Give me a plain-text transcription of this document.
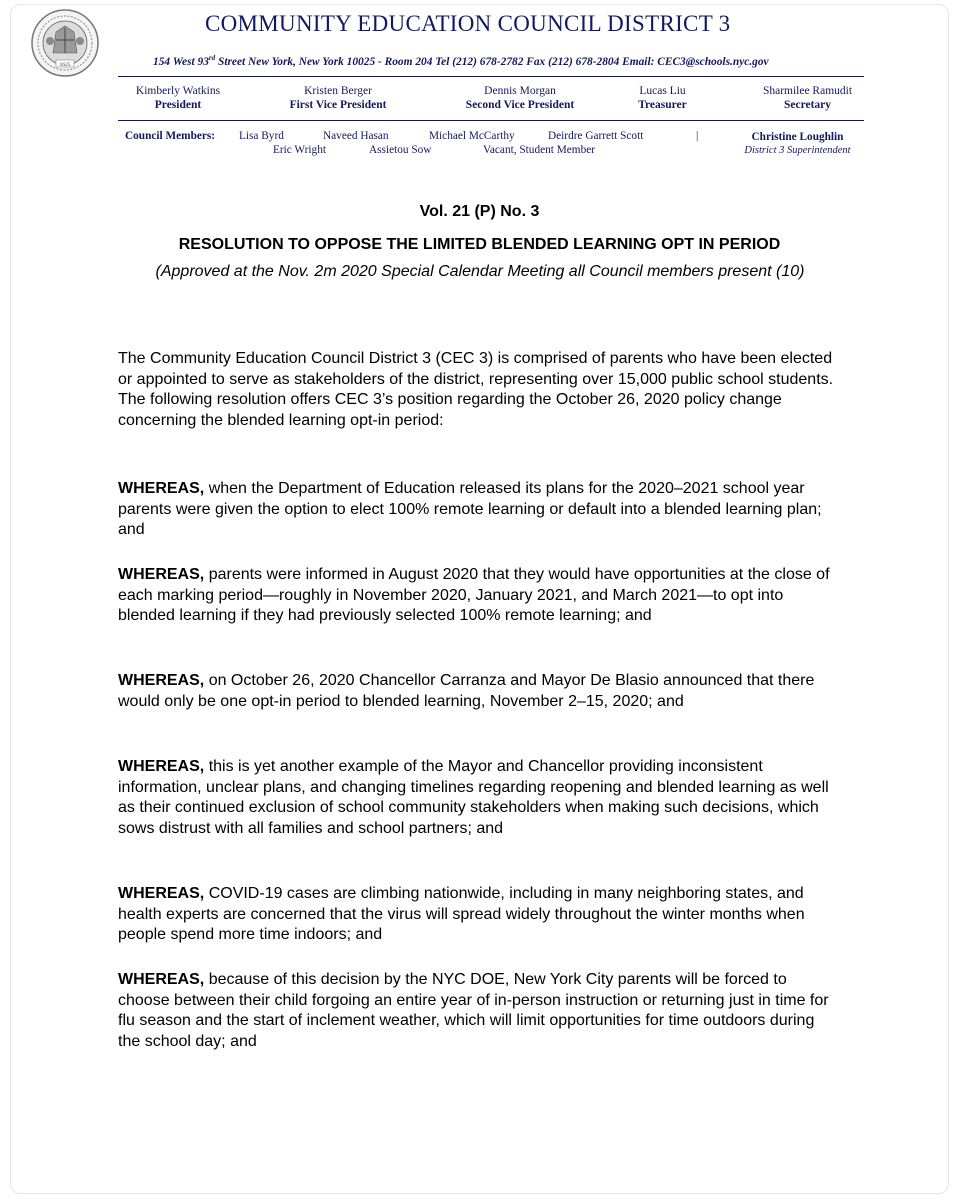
1625
COMMUNITY EDUCATION COUNCIL DISTRICT 3
154 West 93rd Street New York, New York 10025 - Room 204 Tel (212) 678-2782 Fax (212) 678-2804 Email: CEC3@schools.nyc.gov
Kimberly Watkins
President
Kristen Berger
First Vice President
Dennis Morgan
Second Vice President
Lucas Liu
Treasurer
Sharmilee Ramudit
Secretary
Council Members: Lisa Byrd	Naveed Hasan	Michael McCarthy	Deirdre Garrett Scott	|
Eric Wright	Assietou Sow	Vacant, Student Member
Christine Loughlin
District 3 Superintendent
Vol. 21 (P) No. 3
RESOLUTION TO OPPOSE THE LIMITED BLENDED LEARNING OPT IN PERIOD
(Approved at the Nov. 2m 2020 Special Calendar Meeting all Council members present (10)
The Community Education Council District 3 (CEC 3) is comprised of parents who have been elected or appointed to serve as stakeholders of the district, representing over 15,000 public school students. The following resolution offers CEC 3’s position regarding the October 26, 2020 policy change concerning the blended learning opt-in period:
WHEREAS, when the Department of Education released its plans for the 2020–2021 school year parents were given the option to elect 100% remote learning or default into a blended learning plan; and
WHEREAS, parents were informed in August 2020 that they would have opportunities at the close of each marking period—roughly in November 2020, January 2021, and March 2021—to opt into blended learning if they had previously selected 100% remote learning; and
WHEREAS, on October 26, 2020 Chancellor Carranza and Mayor De Blasio announced that there would only be one opt-in period to blended learning, November 2–15, 2020; and
WHEREAS, this is yet another example of the Mayor and Chancellor providing inconsistent information, unclear plans, and changing timelines regarding reopening and blended learning as well as their continued exclusion of school community stakeholders when making such decisions, which sows distrust with all families and school partners; and
WHEREAS, COVID-19 cases are climbing nationwide, including in many neighboring states, and health experts are concerned that the virus will spread widely throughout the winter months when people spend more time indoors; and
WHEREAS, because of this decision by the NYC DOE, New York City parents will be forced to choose between their child forgoing an entire year of in-person instruction or returning just in time for flu season and the start of inclement weather, which will limit opportunities for time outdoors during the school day; and
